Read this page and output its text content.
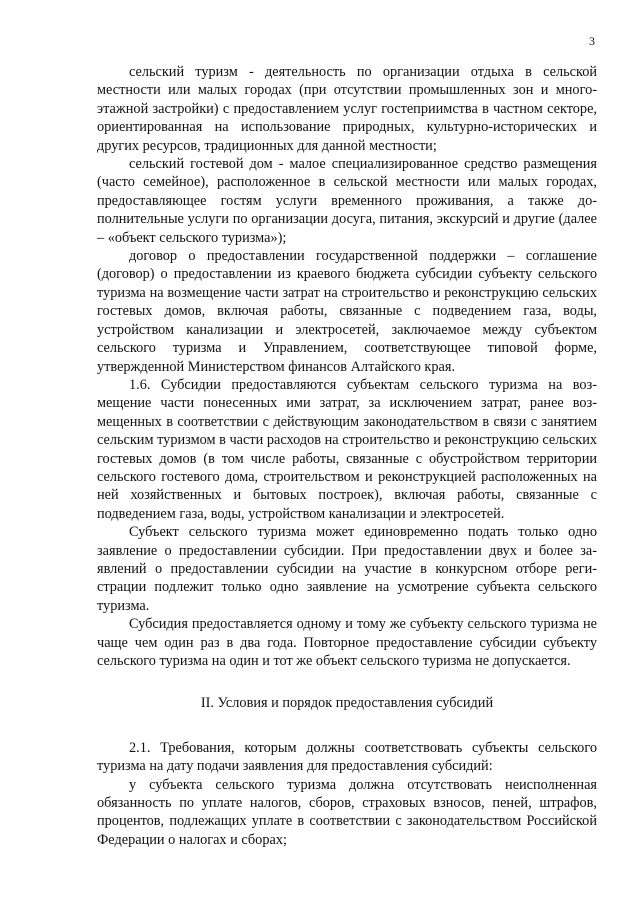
3

сельский туризм - деятельность по организации отдыха в сельской местности или малых городах (при отсутствии промышленных зон и многоэтажной застройки) с предоставлением услуг гостеприимства в частном секторе, ориентированная на использование природных, культурно-исторических и других ресурсов, традиционных для данной местности;

сельский гостевой дом - малое специализированное средство размещения (часто семейное), расположенное в сельской местности или малых городах, предоставляющее гостям услуги временного проживания, а также дополнительные услуги по организации досуга, питания, экскурсий и другие (далее – «объект сельского туризма»);

договор о предоставлении государственной поддержки – соглашение (договор) о предоставлении из краевого бюджета субсидии субъекту сельского туризма на возмещение части затрат на строительство и реконструкцию сельских гостевых домов, включая работы, связанные с подведением газа, воды, устройством канализации и электросетей, заключаемое между субъектом сельского туризма и Управлением, соответствующее типовой форме, утвержденной Министерством финансов Алтайского края.

1.6. Субсидии предоставляются субъектам сельского туризма на возмещение части понесенных ими затрат, за исключением затрат, ранее возмещенных в соответствии с действующим законодательством в связи с занятием сельским туризмом в части расходов на строительство и реконструкцию сельских гостевых домов (в том числе работы, связанные с обустройством территории сельского гостевого дома, строительством и реконструкцией расположенных на ней хозяйственных и бытовых построек), включая работы, связанные с подведением газа, воды, устройством канализации и электросетей.

Субъект сельского туризма может единовременно подать только одно заявление о предоставлении субсидии. При предоставлении двух и более заявлений о предоставлении субсидии на участие в конкурсном отборе регистрации подлежит только одно заявление на усмотрение субъекта сельского туризма.

Субсидия предоставляется одному и тому же субъекту сельского туризма не чаще чем один раз в два года. Повторное предоставление субсидии субъекту сельского туризма на один и тот же объект сельского туризма не допускается.

II. Условия и порядок предоставления субсидий

2.1. Требования, которым должны соответствовать субъекты сельского туризма на дату подачи заявления для предоставления субсидий:

у субъекта сельского туризма должна отсутствовать неисполненная обязанность по уплате налогов, сборов, страховых взносов, пеней, штрафов, процентов, подлежащих уплате в соответствии с законодательством Российской Федерации о налогах и сборах;
